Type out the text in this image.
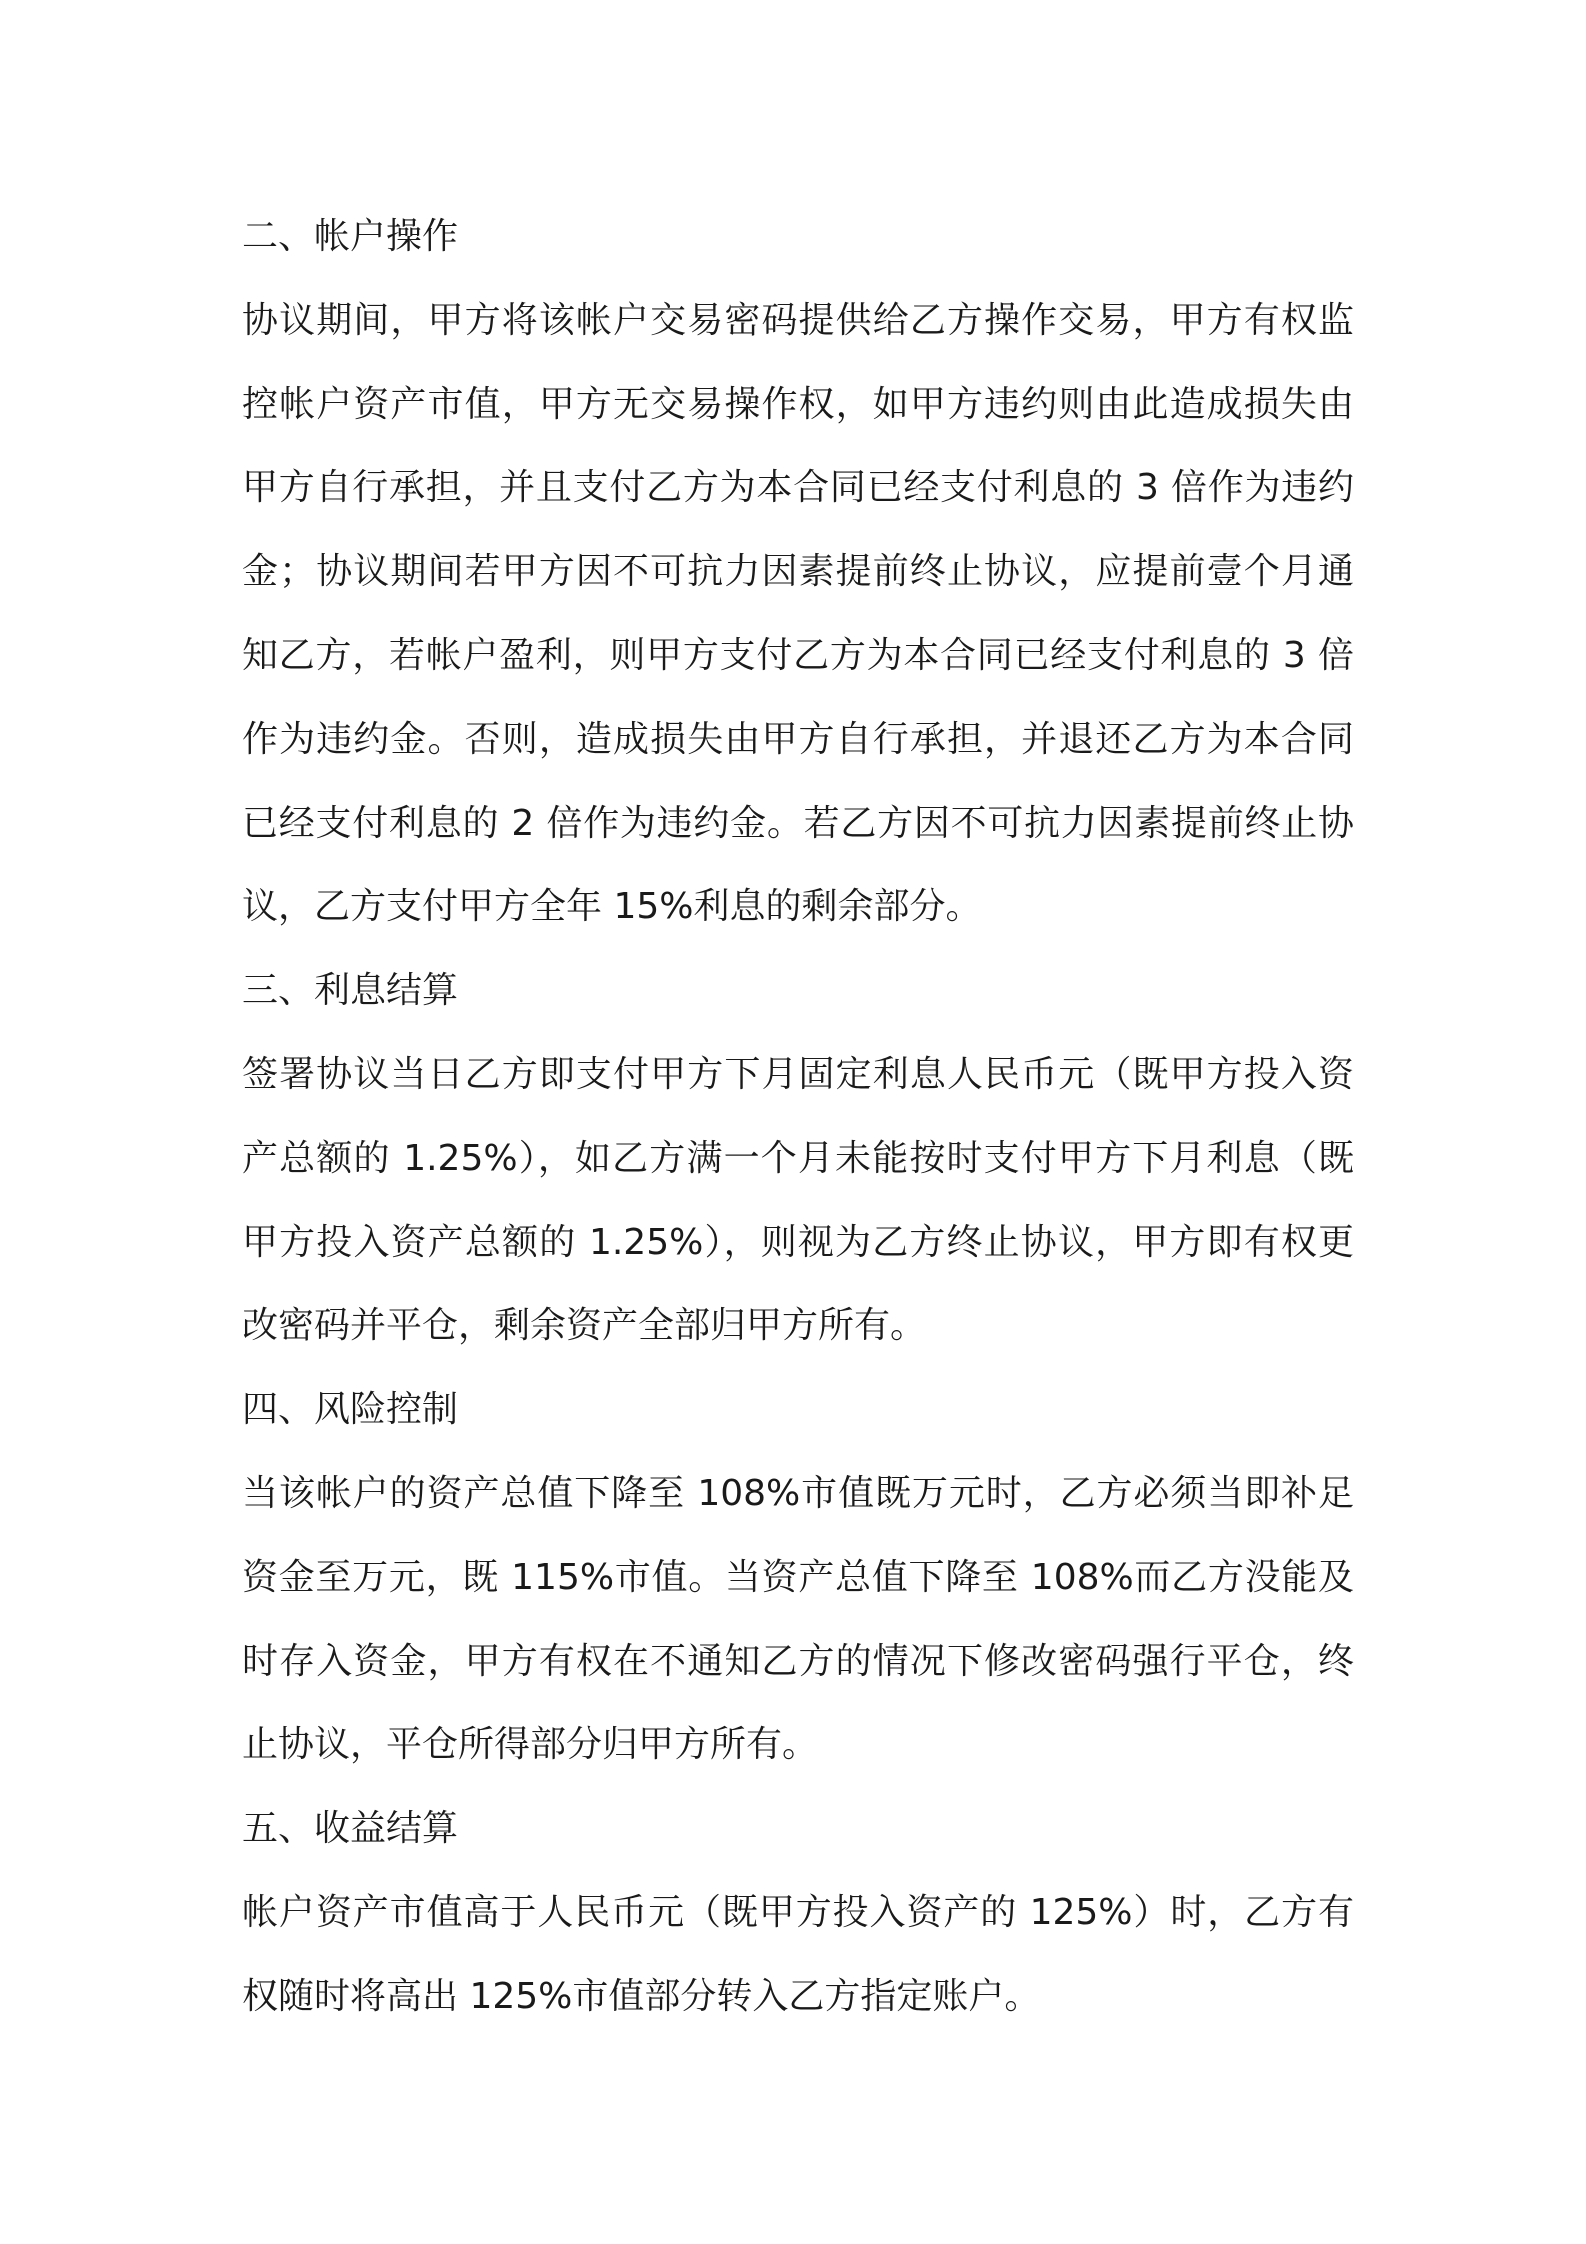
二、帐户操作
协议期间，甲方将该帐户交易密码提供给乙方操作交易，甲方有权监
控帐户资产市值，甲方无交易操作权，如甲方违约则由此造成损失由
甲方自行承担，并且支付乙方为本合同已经支付利息的 3 倍作为违约
金；协议期间若甲方因不可抗力因素提前终止协议，应提前壹个月通
知乙方，若帐户盈利，则甲方支付乙方为本合同已经支付利息的 3 倍
作为违约金。否则，造成损失由甲方自行承担，并退还乙方为本合同
已经支付利息的 2 倍作为违约金。若乙方因不可抗力因素提前终止协
议，乙方支付甲方全年 15%利息的剩余部分。
三、利息结算
签署协议当日乙方即支付甲方下月固定利息人民币元（既甲方投入资
产总额的 1.25%），如乙方满一个月未能按时支付甲方下月利息（既
甲方投入资产总额的 1.25%），则视为乙方终止协议，甲方即有权更
改密码并平仓，剩余资产全部归甲方所有。
四、风险控制
当该帐户的资产总值下降至 108%市值既万元时，乙方必须当即补足
资金至万元，既 115%市值。当资产总值下降至 108%而乙方没能及
时存入资金，甲方有权在不通知乙方的情况下修改密码强行平仓，终
止协议，平仓所得部分归甲方所有。
五、收益结算
帐户资产市值高于人民币元（既甲方投入资产的 125%）时，乙方有
权随时将高出 125%市值部分转入乙方指定账户。
